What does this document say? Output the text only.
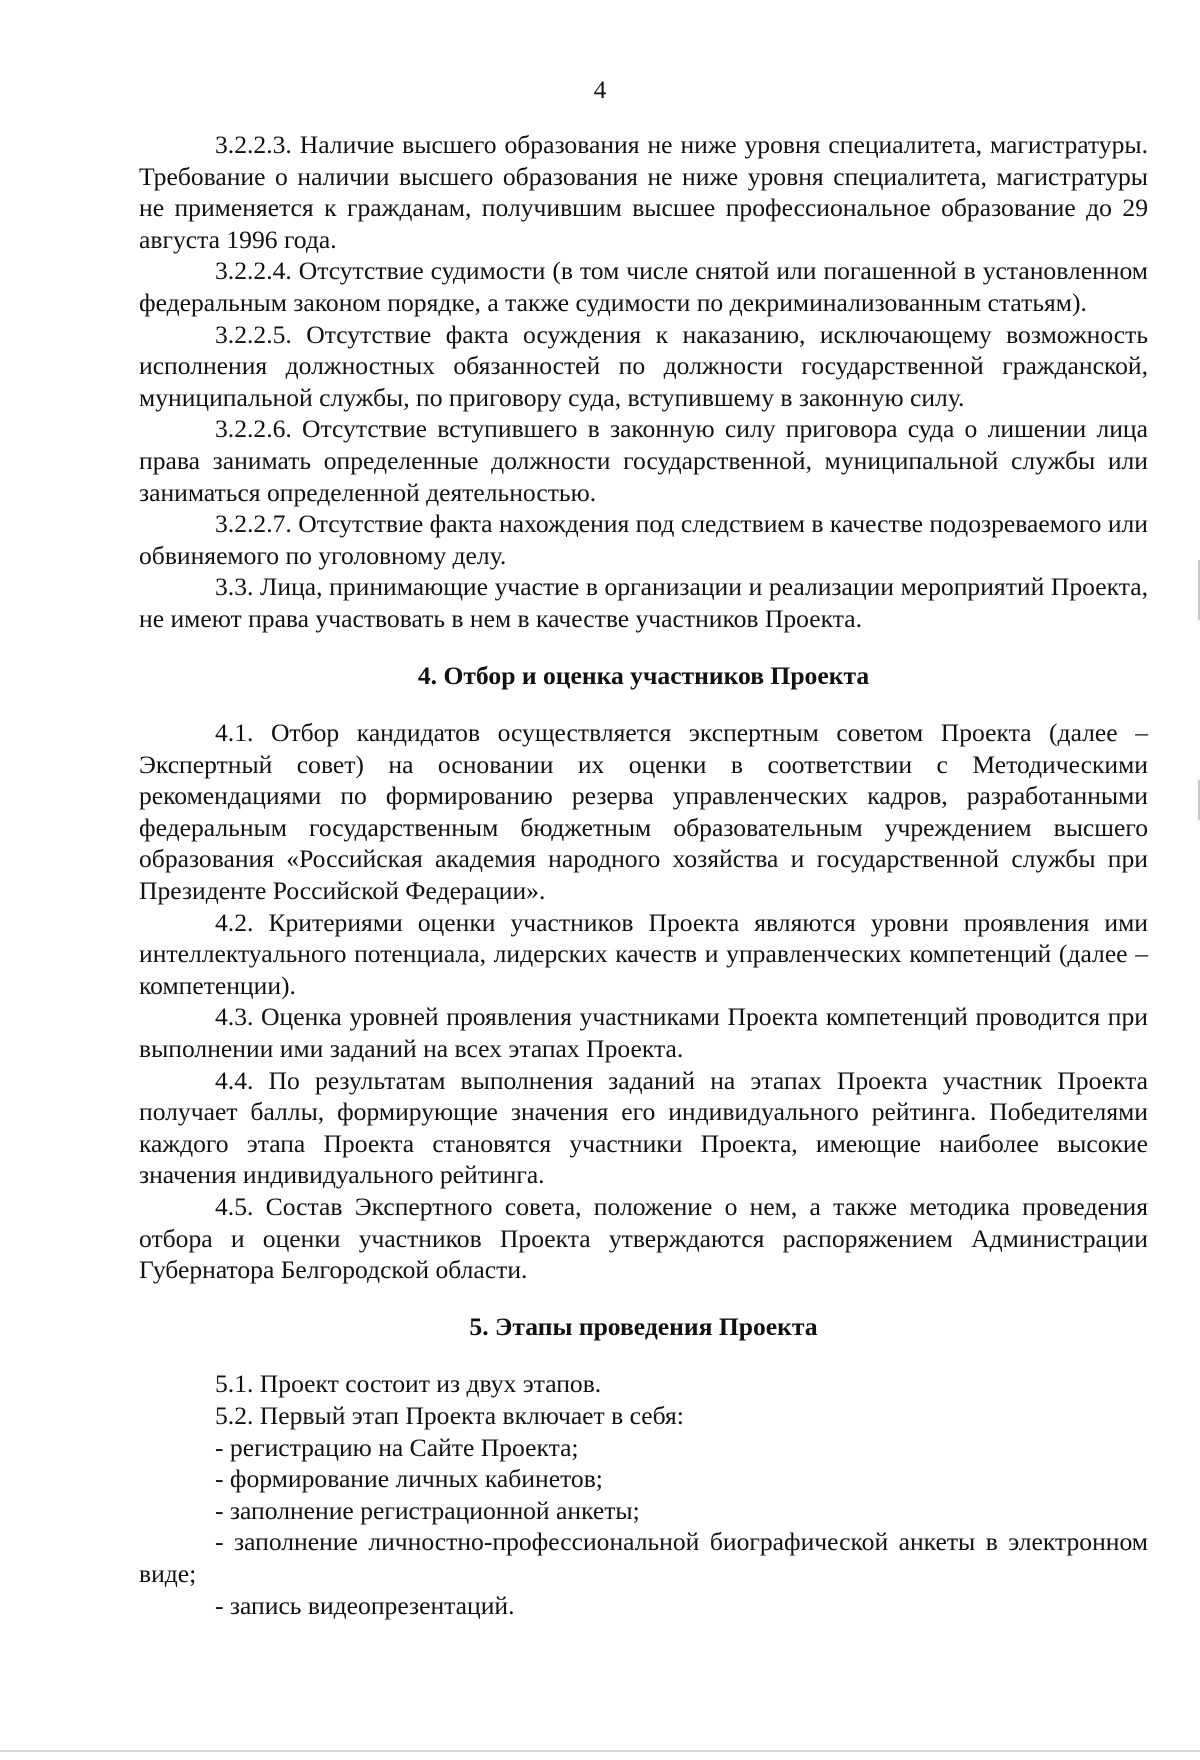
4

3.2.2.3. Наличие высшего образования не ниже уровня специалитета, магистратуры. Требование о наличии высшего образования не ниже уровня специалитета, магистратуры не применяется к гражданам, получившим высшее профессиональное образование до 29 августа 1996 года.

3.2.2.4. Отсутствие судимости (в том числе снятой или погашенной в установленном федеральным законом порядке, а также судимости по декриминализованным статьям).

3.2.2.5. Отсутствие факта осуждения к наказанию, исключающему возможность исполнения должностных обязанностей по должности государственной гражданской, муниципальной службы, по приговору суда, вступившему в законную силу.

3.2.2.6. Отсутствие вступившего в законную силу приговора суда о лишении лица права занимать определенные должности государственной, муниципальной службы или заниматься определенной деятельностью.

3.2.2.7. Отсутствие факта нахождения под следствием в качестве подозреваемого или обвиняемого по уголовному делу.

3.3. Лица, принимающие участие в организации и реализации мероприятий Проекта, не имеют права участвовать в нем в качестве участников Проекта.

4. Отбор и оценка участников Проекта

4.1. Отбор кандидатов осуществляется экспертным советом Проекта (далее – Экспертный совет) на основании их оценки в соответствии с Методическими рекомендациями по формированию резерва управленческих кадров, разработанными федеральным государственным бюджетным образовательным учреждением высшего образования «Российская академия народного хозяйства и государственной службы при Президенте Российской Федерации».

4.2. Критериями оценки участников Проекта являются уровни проявления ими интеллектуального потенциала, лидерских качеств и управленческих компетенций (далее – компетенции).

4.3. Оценка уровней проявления участниками Проекта компетенций проводится при выполнении ими заданий на всех этапах Проекта.

4.4. По результатам выполнения заданий на этапах Проекта участник Проекта получает баллы, формирующие значения его индивидуального рейтинга. Победителями каждого этапа Проекта становятся участники Проекта, имеющие наиболее высокие значения индивидуального рейтинга.

4.5. Состав Экспертного совета, положение о нем, а также методика проведения отбора и оценки участников Проекта утверждаются распоряжением Администрации Губернатора Белгородской области.

5. Этапы проведения Проекта

5.1. Проект состоит из двух этапов.

5.2. Первый этап Проекта включает в себя:

- регистрацию на Сайте Проекта;

- формирование личных кабинетов;

- заполнение регистрационной анкеты;

- заполнение личностно-профессиональной биографической анкеты в электронном виде;

- запись видеопрезентаций.
